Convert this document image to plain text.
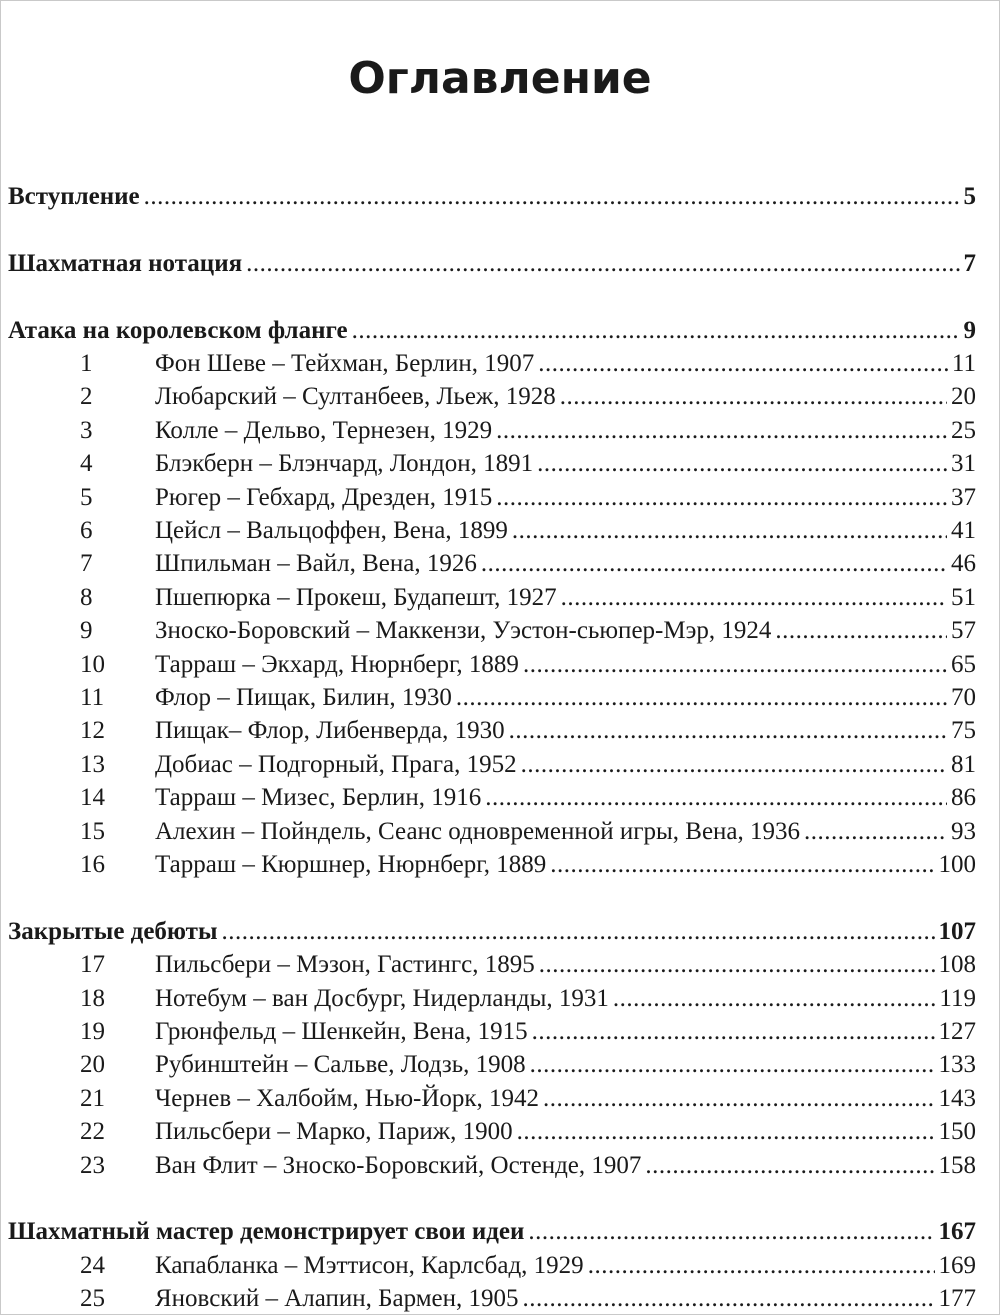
Оглавление
Вступление .....	5
Шахматная нотация .....	7
Атака на королевском фланге .....	9
1	Фон Шеве – Тейхман, Берлин, 1907 .....	11
2	Любарский – Султанбеев, Льеж, 1928 .....	20
3	Колле – Дельво, Тернезен, 1929 .....	25
4	Блэкберн – Блэнчард, Лондон, 1891 .....	31
5	Рюгер – Гебхард, Дрезден, 1915 .....	37
6	Цейсл – Вальцоффен, Вена, 1899 .....	41
7	Шпильман – Вайл, Вена, 1926 .....	46
8	Пшепюрка – Прокеш, Будапешт, 1927 .....	51
9	Зноско-Боровский – Маккензи, Уэстон-сьюпер-Мэр, 1924 .....	57
10	Тарраш – Экхард, Нюрнберг, 1889 .....	65
11	Флор – Пищак, Билин, 1930 .....	70
12	Пищак– Флор, Либенверда, 1930 .....	75
13	Добиас – Подгорный, Прага, 1952 .....	81
14	Тарраш – Мизес, Берлин, 1916 .....	86
15	Алехин – Пойндель, Сеанс одновременной игры, Вена, 1936 .....	93
16	Тарраш – Кюршнер, Нюрнберг, 1889 .....	100
Закрытые дебюты .....	107
17	Пильсбери – Мэзон, Гастингс, 1895 .....	108
18	Нотебум – ван Досбург, Нидерланды, 1931 .....	119
19	Грюнфельд – Шенкейн, Вена, 1915 .....	127
20	Рубинштейн – Сальве, Лодзь, 1908 .....	133
21	Чернев – Халбойм, Нью-Йорк, 1942 .....	143
22	Пильсбери – Марко, Париж, 1900 .....	150
23	Ван Флит – Зноско-Боровский, Остенде, 1907 .....	158
Шахматный мастер демонстрирует свои идеи .....	167
24	Капабланка – Мэттисон, Карлсбад, 1929 .....	169
25	Яновский – Алапин, Бармен, 1905 .....	177
